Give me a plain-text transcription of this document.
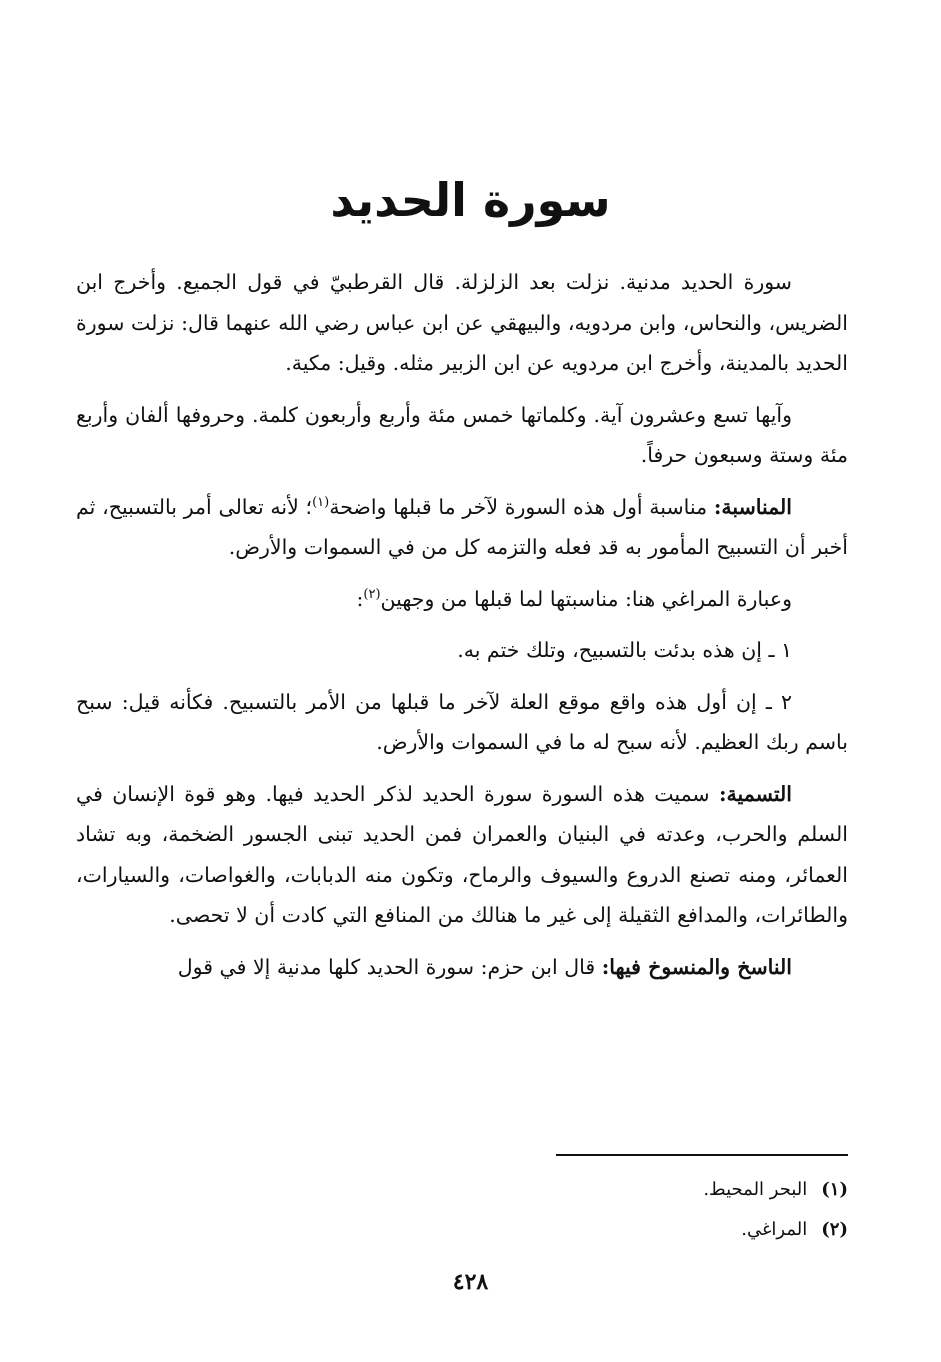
سورة الحديد

سورة الحديد مدنية. نزلت بعد الزلزلة. قال القرطبيّ في قول الجميع. وأخرج ابن الضريس، والنحاس، وابن مردويه، والبيهقي عن ابن عباس رضي الله عنهما قال: نزلت سورة الحديد بالمدينة، وأخرج ابن مردويه عن ابن الزبير مثله. وقيل: مكية.

وآيها تسع وعشرون آية. وكلماتها خمس مئة وأربع وأربعون كلمة. وحروفها ألفان وأربع مئة وستة وسبعون حرفاً.

المناسبة: مناسبة أول هذه السورة لآخر ما قبلها واضحة$^{(١)}$؛ لأنه تعالى أمر بالتسبيح، ثم أخبر أن التسبيح المأمور به قد فعله والتزمه كل من في السموات والأرض.

وعبارة المراغي هنا: مناسبتها لما قبلها من وجهين$^{(٢)}$:

١ ـ إن هذه بدئت بالتسبيح، وتلك ختم به.

٢ ـ إن أول هذه واقع موقع العلة لآخر ما قبلها من الأمر بالتسبيح. فكأنه قيل: سبح باسم ربك العظيم. لأنه سبح له ما في السموات والأرض.

التسمية: سميت هذه السورة سورة الحديد لذكر الحديد فيها. وهو قوة الإنسان في السلم والحرب، وعدته في البنيان والعمران فمن الحديد تبنى الجسور الضخمة، وبه تشاد العمائر، ومنه تصنع الدروع والسيوف والرماح، وتكون منه الدبابات، والغواصات، والسيارات، والطائرات، والمدافع الثقيلة إلى غير ما هنالك من المنافع التي كادت أن لا تحصى.

الناسخ والمنسوخ فيها: قال ابن حزم: سورة الحديد كلها مدنية إلا في قول

(١)البحر المحيط.

(٢)المراغي.

٤٢٨
